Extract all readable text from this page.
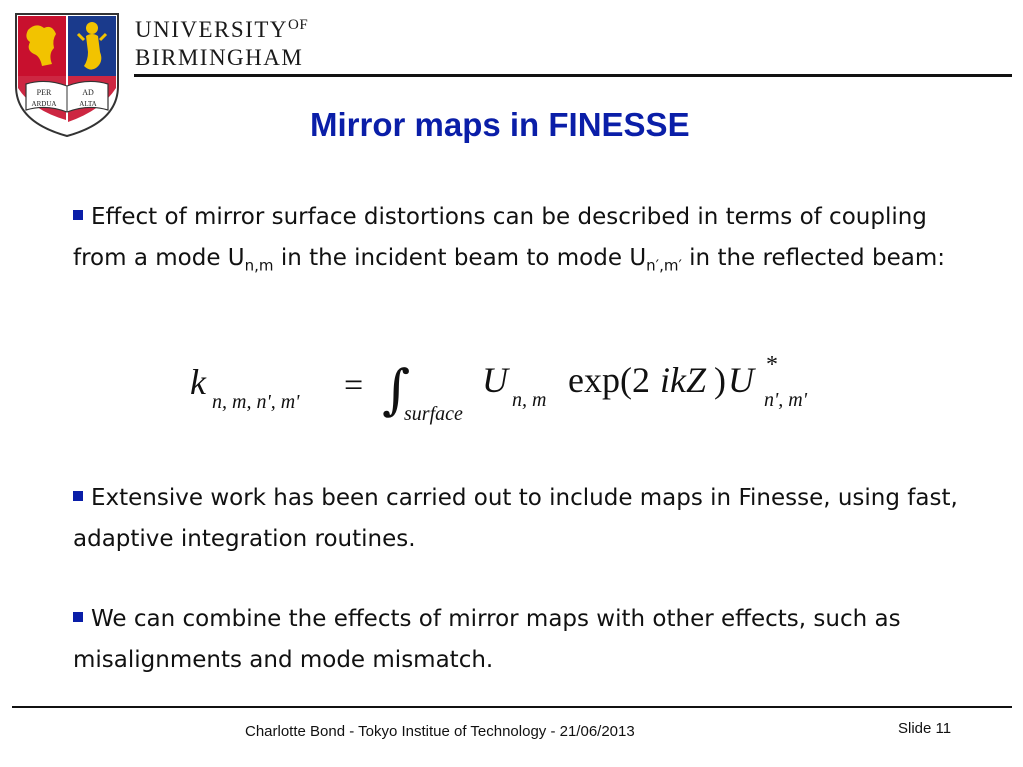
PER	AD
ARDUA	ALTA
$UNIVERSITY^{OF}$
BIRMINGHAM
Mirror maps in FINESSE
Effect of mirror surface distortions can be described in terms of coupling from a mode $U_{n,m}$ in the incident beam to mode $U_{n',m'}$ in the reflected beam:
k n, m, n', m' = ∫
surface
U n, m exp(2 ikZ ) U *
n', m'
Extensive work has been carried out to include maps in Finesse, using fast, adaptive integration routines.
We can combine the effects of mirror maps with other effects, such as misalignments and mode mismatch.
Charlotte Bond - Tokyo Institue of Technology - 21/06/2013	Slide 11
